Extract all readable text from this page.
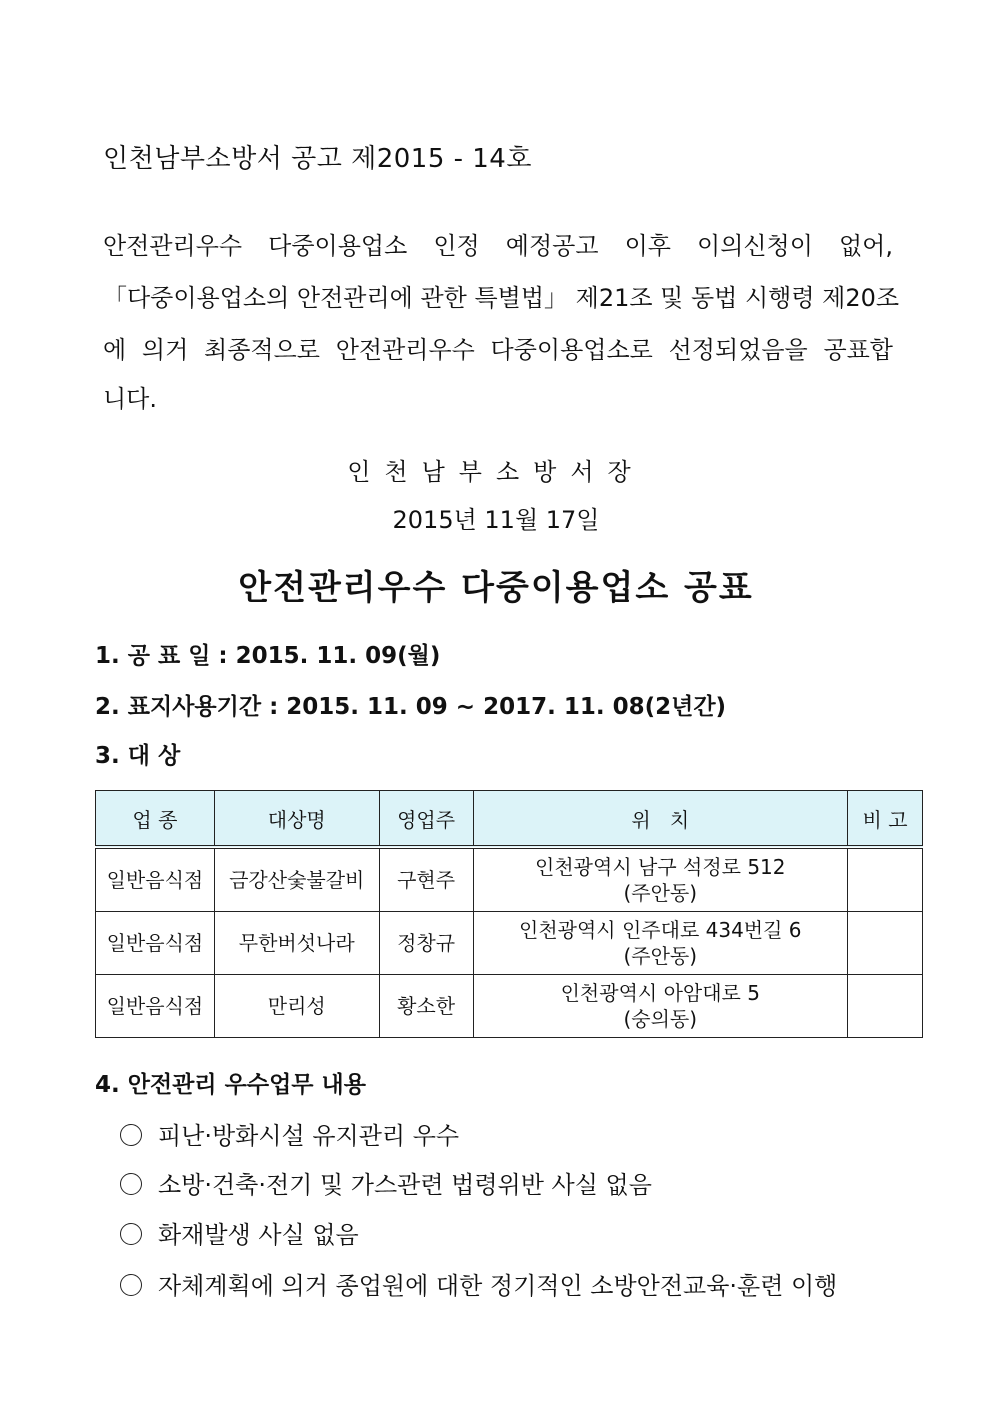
인천남부소방서 공고 제2015 - 14호
안전관리우수 다중이용업소 인정 예정공고 이후 이의신청이 없어,
「다중이용업소의 안전관리에 관한 특별법」 제21조 및 동법 시행령 제20조
에 의거 최종적으로 안전관리우수 다중이용업소로 선정되었음을 공표합
니다.
인천남부소방서장
2015년 11월 17일
안전관리우수 다중이용업소 공표
1. 공 표 일 : 2015. 11. 09(월)
2. 표지사용기간 : 2015. 11. 09 ~ 2017. 11. 08(2년간)
3. 대 상
업 종	대상명	영업주	위   치	비 고
일반음식점	금강산숯불갈비	구현주	인천광역시 남구 석정로 512
(주안동)	

일반음식점	무한버섯나라	정창규	인천광역시 인주대로 434번길 6
(주안동)	

일반음식점	만리성	황소한	인천광역시 아암대로 5
(숭의동)	

4. 안전관리 우수업무 내용
피난·방화시설 유지관리 우수
소방·건축·전기 및 가스관련 법령위반 사실 없음
화재발생 사실 없음
자체계획에 의거 종업원에 대한 정기적인 소방안전교육·훈련 이행
